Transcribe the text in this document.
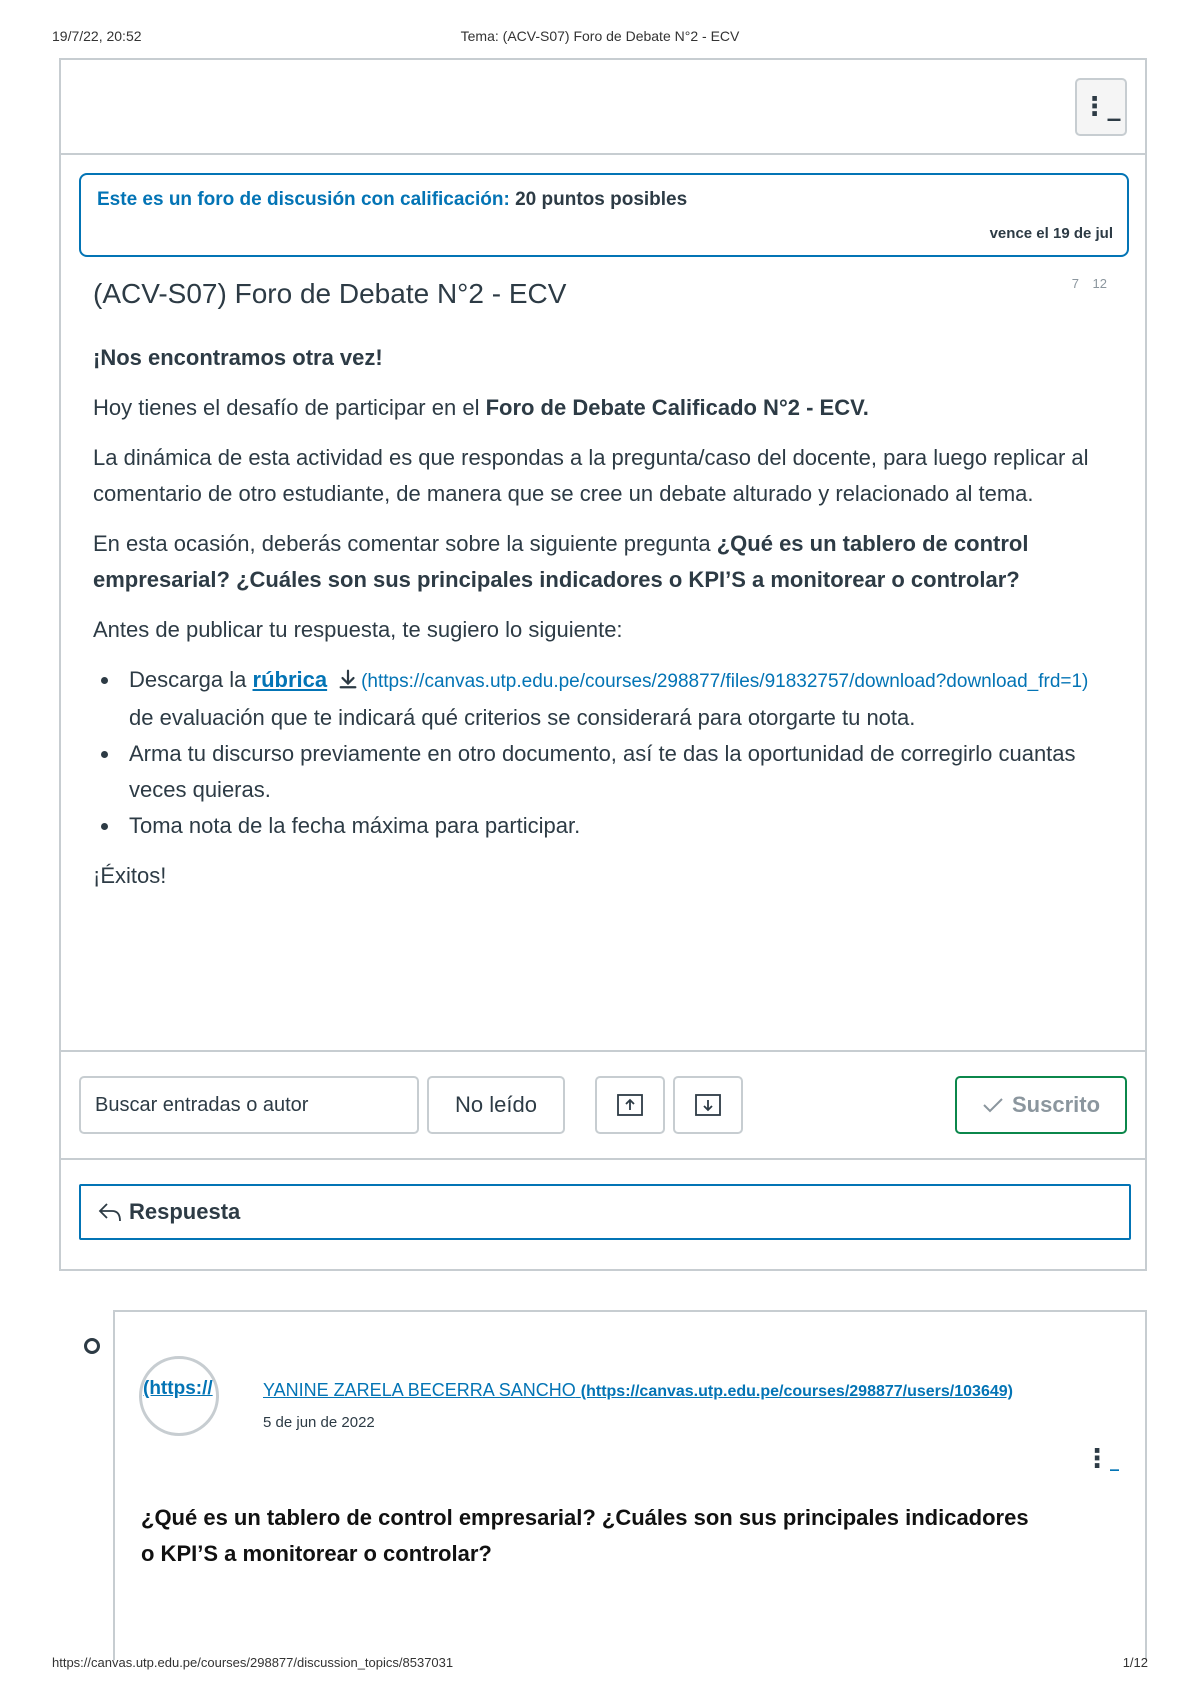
19/7/22, 20:52	Tema: (ACV-S07) Foro de Debate N°2 - ECV
⋮_
Este es un foro de discusión con calificación: 20 puntos posibles
vence el 19 de jul
(ACV-S07) Foro de Debate N°2 - ECV	7 12

¡Nos encontramos otra vez!

Hoy tienes el desafío de participar en el Foro de Debate Calificado N°2 - ECV.

La dinámica de esta actividad es que respondas a la pregunta/caso del docente, para luego replicar al comentario de otro estudiante, de manera que se cree un debate alturado y relacionado al tema.

En esta ocasión, deberás comentar sobre la siguiente pregunta ¿Qué es un tablero de control empresarial? ¿Cuáles son sus principales indicadores o KPI’S a monitorear o controlar?

Antes de publicar tu respuesta, te sugiero lo siguiente:

• Descarga la rúbrica (https://canvas.utp.edu.pe/courses/298877/files/91832757/download?download_frd=1) de evaluación que te indicará qué criterios se considerará para otorgarte tu nota.
• Arma tu discurso previamente en otro documento, así te das la oportunidad de corregirlo cuantas veces quieras.
• Toma nota de la fecha máxima para participar.

¡Éxitos!

Buscar entradas o autor
No leído	Suscrito
Respuesta
(https://	YANINE ZARELA BECERRA SANCHO (https://canvas.utp.edu.pe/courses/298877/users/103649)
5 de jun de 2022
⋮_
¿Qué es un tablero de control empresarial? ¿Cuáles son sus principales indicadores o KPI’S a monitorear o controlar?
https://canvas.utp.edu.pe/courses/298877/discussion_topics/8537031	1/12
